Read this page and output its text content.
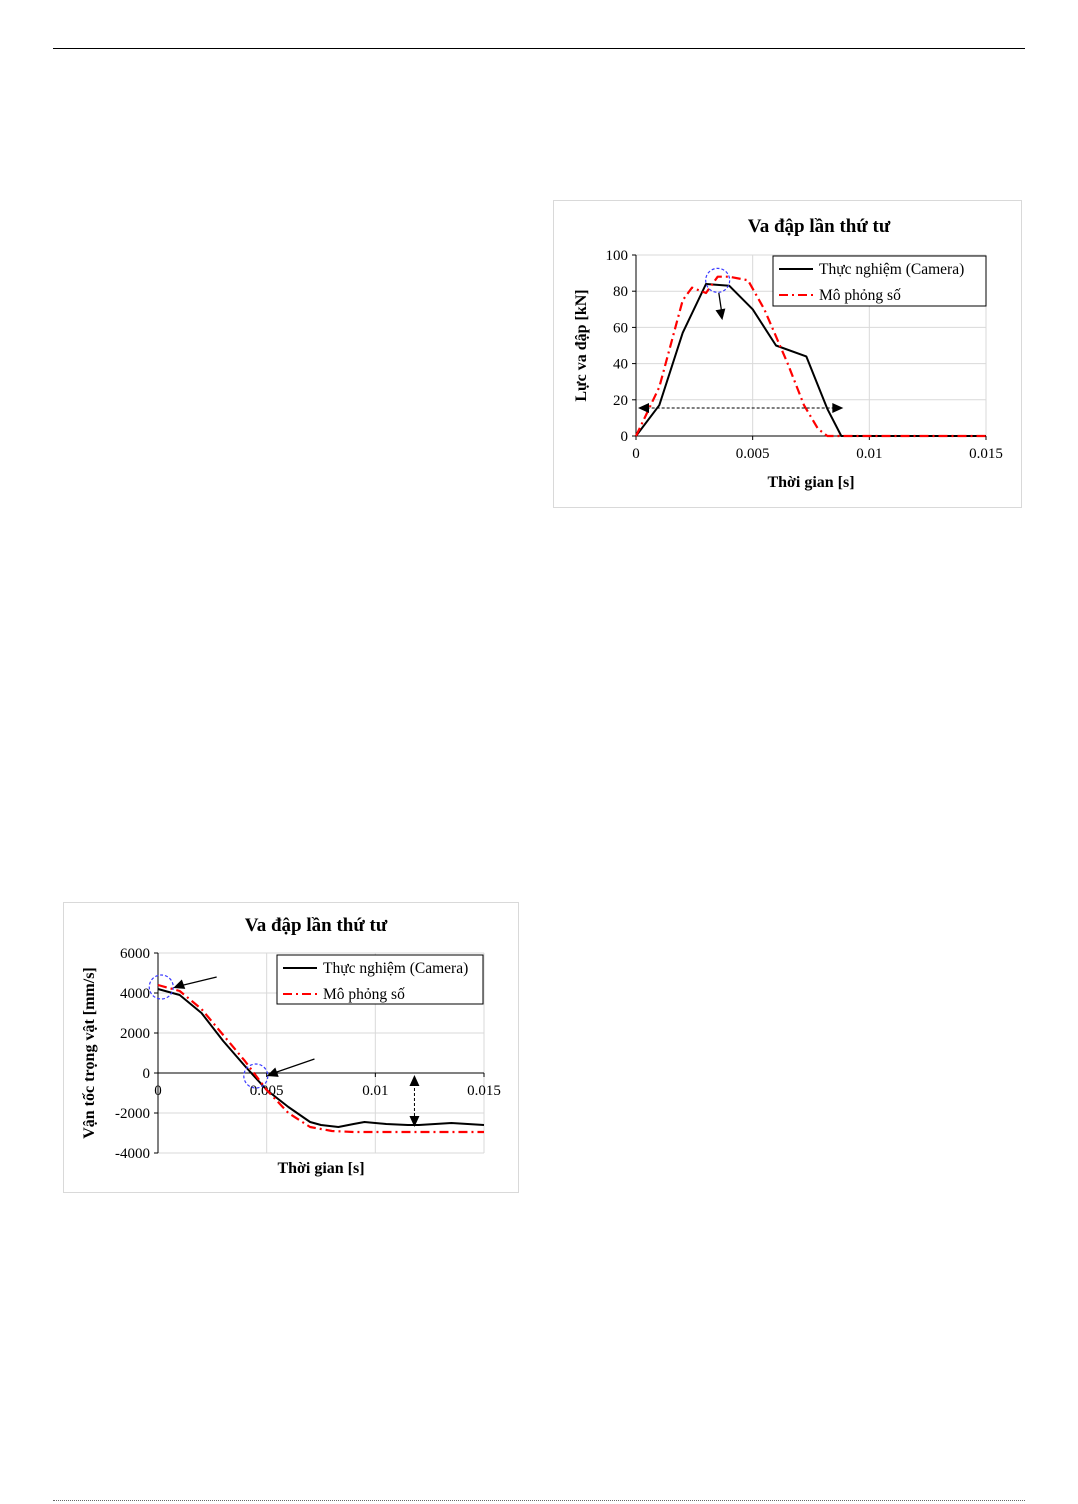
Va đập lần thứ tư
0
20
40
60
80
100
0	0.005	0.01	0.015
Thời gian [s]
Lực va đập [kN]
Thực nghiệm (Camera)
Mô phỏng số
Va đập lần thứ tư
-4000
-2000
0
2000
4000
6000
0	0.005	0.01	0.015
Thời gian [s]
Vận tốc trọng vật [mm/s]	Thực nghiệm (Camera)
Mô phỏng số
